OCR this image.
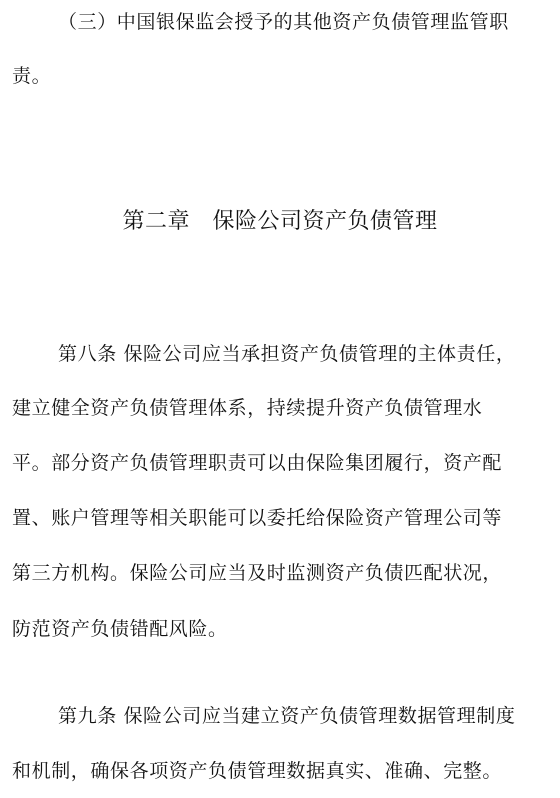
（三）中国银保监会授予的其他资产负债管理监管职
责。
第二章　保险公司资产负债管理
第八条 保险公司应当承担资产负债管理的主体责任，
建立健全资产负债管理体系，持续提升资产负债管理水
平。部分资产负债管理职责可以由保险集团履行，资产配
置、账户管理等相关职能可以委托给保险资产管理公司等
第三方机构。保险公司应当及时监测资产负债匹配状况，
防范资产负债错配风险。
第九条 保险公司应当建立资产负债管理数据管理制度
和机制，确保各项资产负债管理数据真实、准确、完整。
